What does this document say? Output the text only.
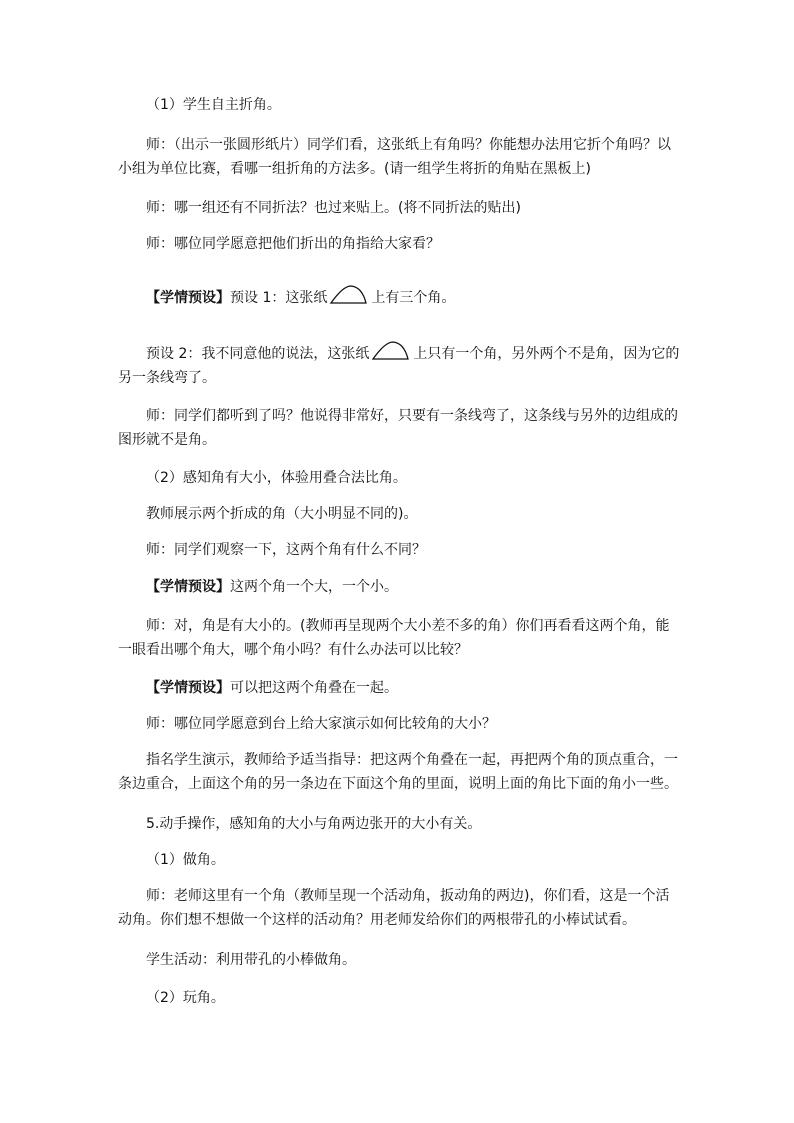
（1）学生自主折角。

师：（出示一张圆形纸片）同学们看，这张纸上有角吗？你能想办法用它折个角吗？以
小组为单位比赛，看哪一组折角的方法多。(请一组学生将折的角贴在黑板上)

师：哪一组还有不同折法？也过来贴上。(将不同折法的贴出)

师：哪位同学愿意把他们折出的角指给大家看？

【学情预设】预设 1：这张纸	上有三个角。

预设 2：我不同意他的说法，这张纸	上只有一个角，另外两个不是角，因为它的
另一条线弯了。

师：同学们都听到了吗？他说得非常好，只要有一条线弯了，这条线与另外的边组成的
图形就不是角。

（2）感知角有大小，体验用叠合法比角。

教师展示两个折成的角（大小明显不同的)。

师：同学们观察一下，这两个角有什么不同？

【学情预设】这两个角一个大，一个小。

师：对，角是有大小的。(教师再呈现两个大小差不多的角）你们再看看这两个角，能
一眼看出哪个角大，哪个角小吗？有什么办法可以比较？

【学情预设】可以把这两个角叠在一起。

师：哪位同学愿意到台上给大家演示如何比较角的大小？

指名学生演示，教师给予适当指导：把这两个角叠在一起，再把两个角的顶点重合，一
条边重合，上面这个角的另一条边在下面这个角的里面，说明上面的角比下面的角小一些。

5.动手操作，感知角的大小与角两边张开的大小有关。

（1）做角。

师：老师这里有一个角（教师呈现一个活动角，扳动角的两边)，你们看，这是一个活
动角。你们想不想做一个这样的活动角？用老师发给你们的两根带孔的小棒试试看。

学生活动：利用带孔的小棒做角。

（2）玩角。
